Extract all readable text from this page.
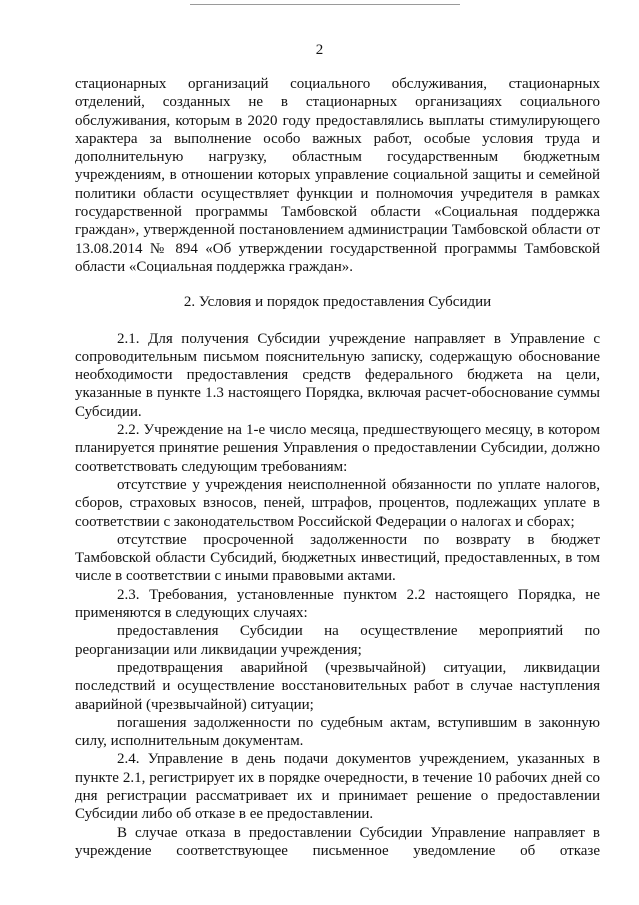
2

стационарных организаций социального обслуживания, стационарных отделений, созданных не в стационарных организациях социального обслуживания, которым в 2020 году предоставлялись выплаты стимулирующего характера за выполнение особо важных работ, особые условия труда и дополнительную нагрузку, областным государственным бюджетным учреждениям, в отношении которых управление социальной защиты и семейной политики области осуществляет функции и полномочия учредителя в рамках государственной программы Тамбовской области «Социальная поддержка граждан», утвержденной постановлением администрации Тамбовской области от 13.08.2014 № 894 «Об утверждении государственной программы Тамбовской области «Социальная поддержка граждан».

2. Условия и порядок предоставления Субсидии

2.1. Для получения Субсидии учреждение направляет в Управление с сопроводительным письмом пояснительную записку, содержащую обоснование необходимости предоставления средств федерального бюджета на цели, указанные в пункте 1.3 настоящего Порядка, включая расчет-обоснование суммы Субсидии.

2.2. Учреждение на 1-е число месяца, предшествующего месяцу, в котором планируется принятие решения Управления о предоставлении Субсидии, должно соответствовать следующим требованиям:

отсутствие у учреждения неисполненной обязанности по уплате налогов, сборов, страховых взносов, пеней, штрафов, процентов, подлежащих уплате в соответствии с законодательством Российской Федерации о налогах и сборах;

отсутствие просроченной задолженности по возврату в бюджет Тамбовской области Субсидий, бюджетных инвестиций, предоставленных, в том числе в соответствии с иными правовыми актами.

2.3. Требования, установленные пунктом 2.2 настоящего Порядка, не применяются в следующих случаях:

предоставления Субсидии на осуществление мероприятий по реорганизации или ликвидации учреждения;

предотвращения аварийной (чрезвычайной) ситуации, ликвидации последствий и осуществление восстановительных работ в случае наступления аварийной (чрезвычайной) ситуации;

погашения задолженности по судебным актам, вступившим в законную силу, исполнительным документам.

2.4. Управление в день подачи документов учреждением, указанных в пункте 2.1, регистрирует их в порядке очередности, в течение 10 рабочих дней со дня регистрации рассматривает их и принимает решение о предоставлении Субсидии либо об отказе в ее предоставлении.

В случае отказа в предоставлении Субсидии Управление направляет в учреждение соответствующее письменное уведомление об отказе
